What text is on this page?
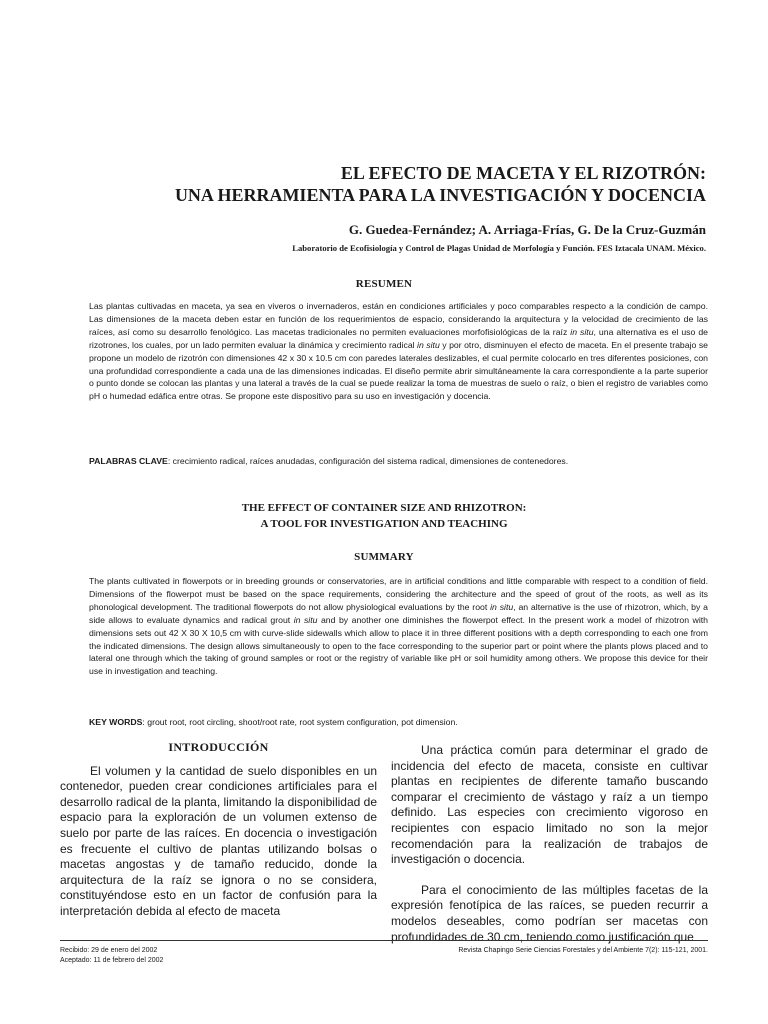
EL EFECTO DE MACETA Y EL RIZOTRÓN:
UNA HERRAMIENTA PARA LA INVESTIGACIÓN Y DOCENCIA
G. Guedea-Fernández; A. Arriaga-Frías, G. De la Cruz-Guzmán
Laboratorio de Ecofisiología y Control de Plagas Unidad de Morfología y Función. FES Iztacala UNAM. México.
RESUMEN

Las plantas cultivadas en maceta, ya sea en viveros o invernaderos, están en condiciones artificiales y poco comparables respecto a la condición de campo. Las dimensiones de la maceta deben estar en función de los requerimientos de espacio, considerando la arquitectura y la velocidad de crecimiento de las raíces, así como su desarrollo fenológico. Las macetas tradicionales no permiten evaluaciones morfofisiológicas de la raíz in situ, una alternativa es el uso de rizotrones, los cuales, por un lado permiten evaluar la dinámica y crecimiento radical in situ y por otro, disminuyen el efecto de maceta. En el presente trabajo se propone un modelo de rizotrón con dimensiones 42 x 30 x 10.5 cm con paredes laterales deslizables, el cual permite colocarlo en tres diferentes posiciones, con una profundidad correspondiente a cada una de las dimensiones indicadas. El diseño permite abrir simultáneamente la cara correspondiente a la parte superior o punto donde se colocan las plantas y una lateral a través de la cual se puede realizar la toma de muestras de suelo o raíz, o bien el registro de variables como pH o humedad edáfica entre otras. Se propone este dispositivo para su uso en investigación y docencia.

PALABRAS CLAVE: crecimiento radical, raíces anudadas, configuración del sistema radical, dimensiones de contenedores.

THE EFFECT OF CONTAINER SIZE AND RHIZOTRON:
A TOOL FOR INVESTIGATION AND TEACHING
SUMMARY

The plants cultivated in flowerpots or in breeding grounds or conservatories, are in artificial conditions and little comparable with respect to a condition of field. Dimensions of the flowerpot must be based on the space requirements, considering the architecture and the speed of grout of the roots, as well as its phonological development. The traditional flowerpots do not allow physiological evaluations by the root in situ, an alternative is the use of rhizotron, which, by a side allows to evaluate dynamics and radical grout in situ and by another one diminishes the flowerpot effect. In the present work a model of rhizotron with dimensions sets out 42 X 30 X 10,5 cm with curve-slide sidewalls which allow to place it in three different positions with a depth corresponding to each one from the indicated dimensions. The design allows simultaneously to open to the face corresponding to the superior part or point where the plants plows placed and to lateral one through which the taking of ground samples or root or the registry of variable like pH or soil humidity among others. We propose this device for their use in investigation and teaching.

KEY WORDS: grout root, root circling, shoot/root rate, root system configuration, pot dimension.

INTRODUCCIÓN

El volumen y la cantidad de suelo disponibles en un contenedor, pueden crear condiciones artificiales para el desarrollo radical de la planta, limitando la disponibilidad de espacio para la exploración de un volumen extenso de suelo por parte de las raíces. En docencia o investigación es frecuente el cultivo de plantas utilizando bolsas o macetas angostas y de tamaño reducido, donde la arquitectura de la raíz se ignora o no se considera, constituyéndose esto en un factor de confusión para la interpretación debida al efecto de maceta

Una práctica común para determinar el grado de incidencia del efecto de maceta, consiste en cultivar plantas en recipientes de diferente tamaño buscando comparar el crecimiento de vástago y raíz a un tiempo definido. Las especies con crecimiento vigoroso en recipientes con espacio limitado no son la mejor recomendación para la realización de trabajos de investigación o docencia.

Para el conocimiento de las múltiples facetas de la expresión fenotípica de las raíces, se pueden recurrir a modelos deseables, como podrían ser macetas con profundidades de 30 cm, teniendo como justificación que

Recibido: 29 de enero del 2002
Aceptado: 11 de febrero del 2002
Revista Chapingo Serie Ciencias Forestales y del Ambiente 7(2): 115-121, 2001.
